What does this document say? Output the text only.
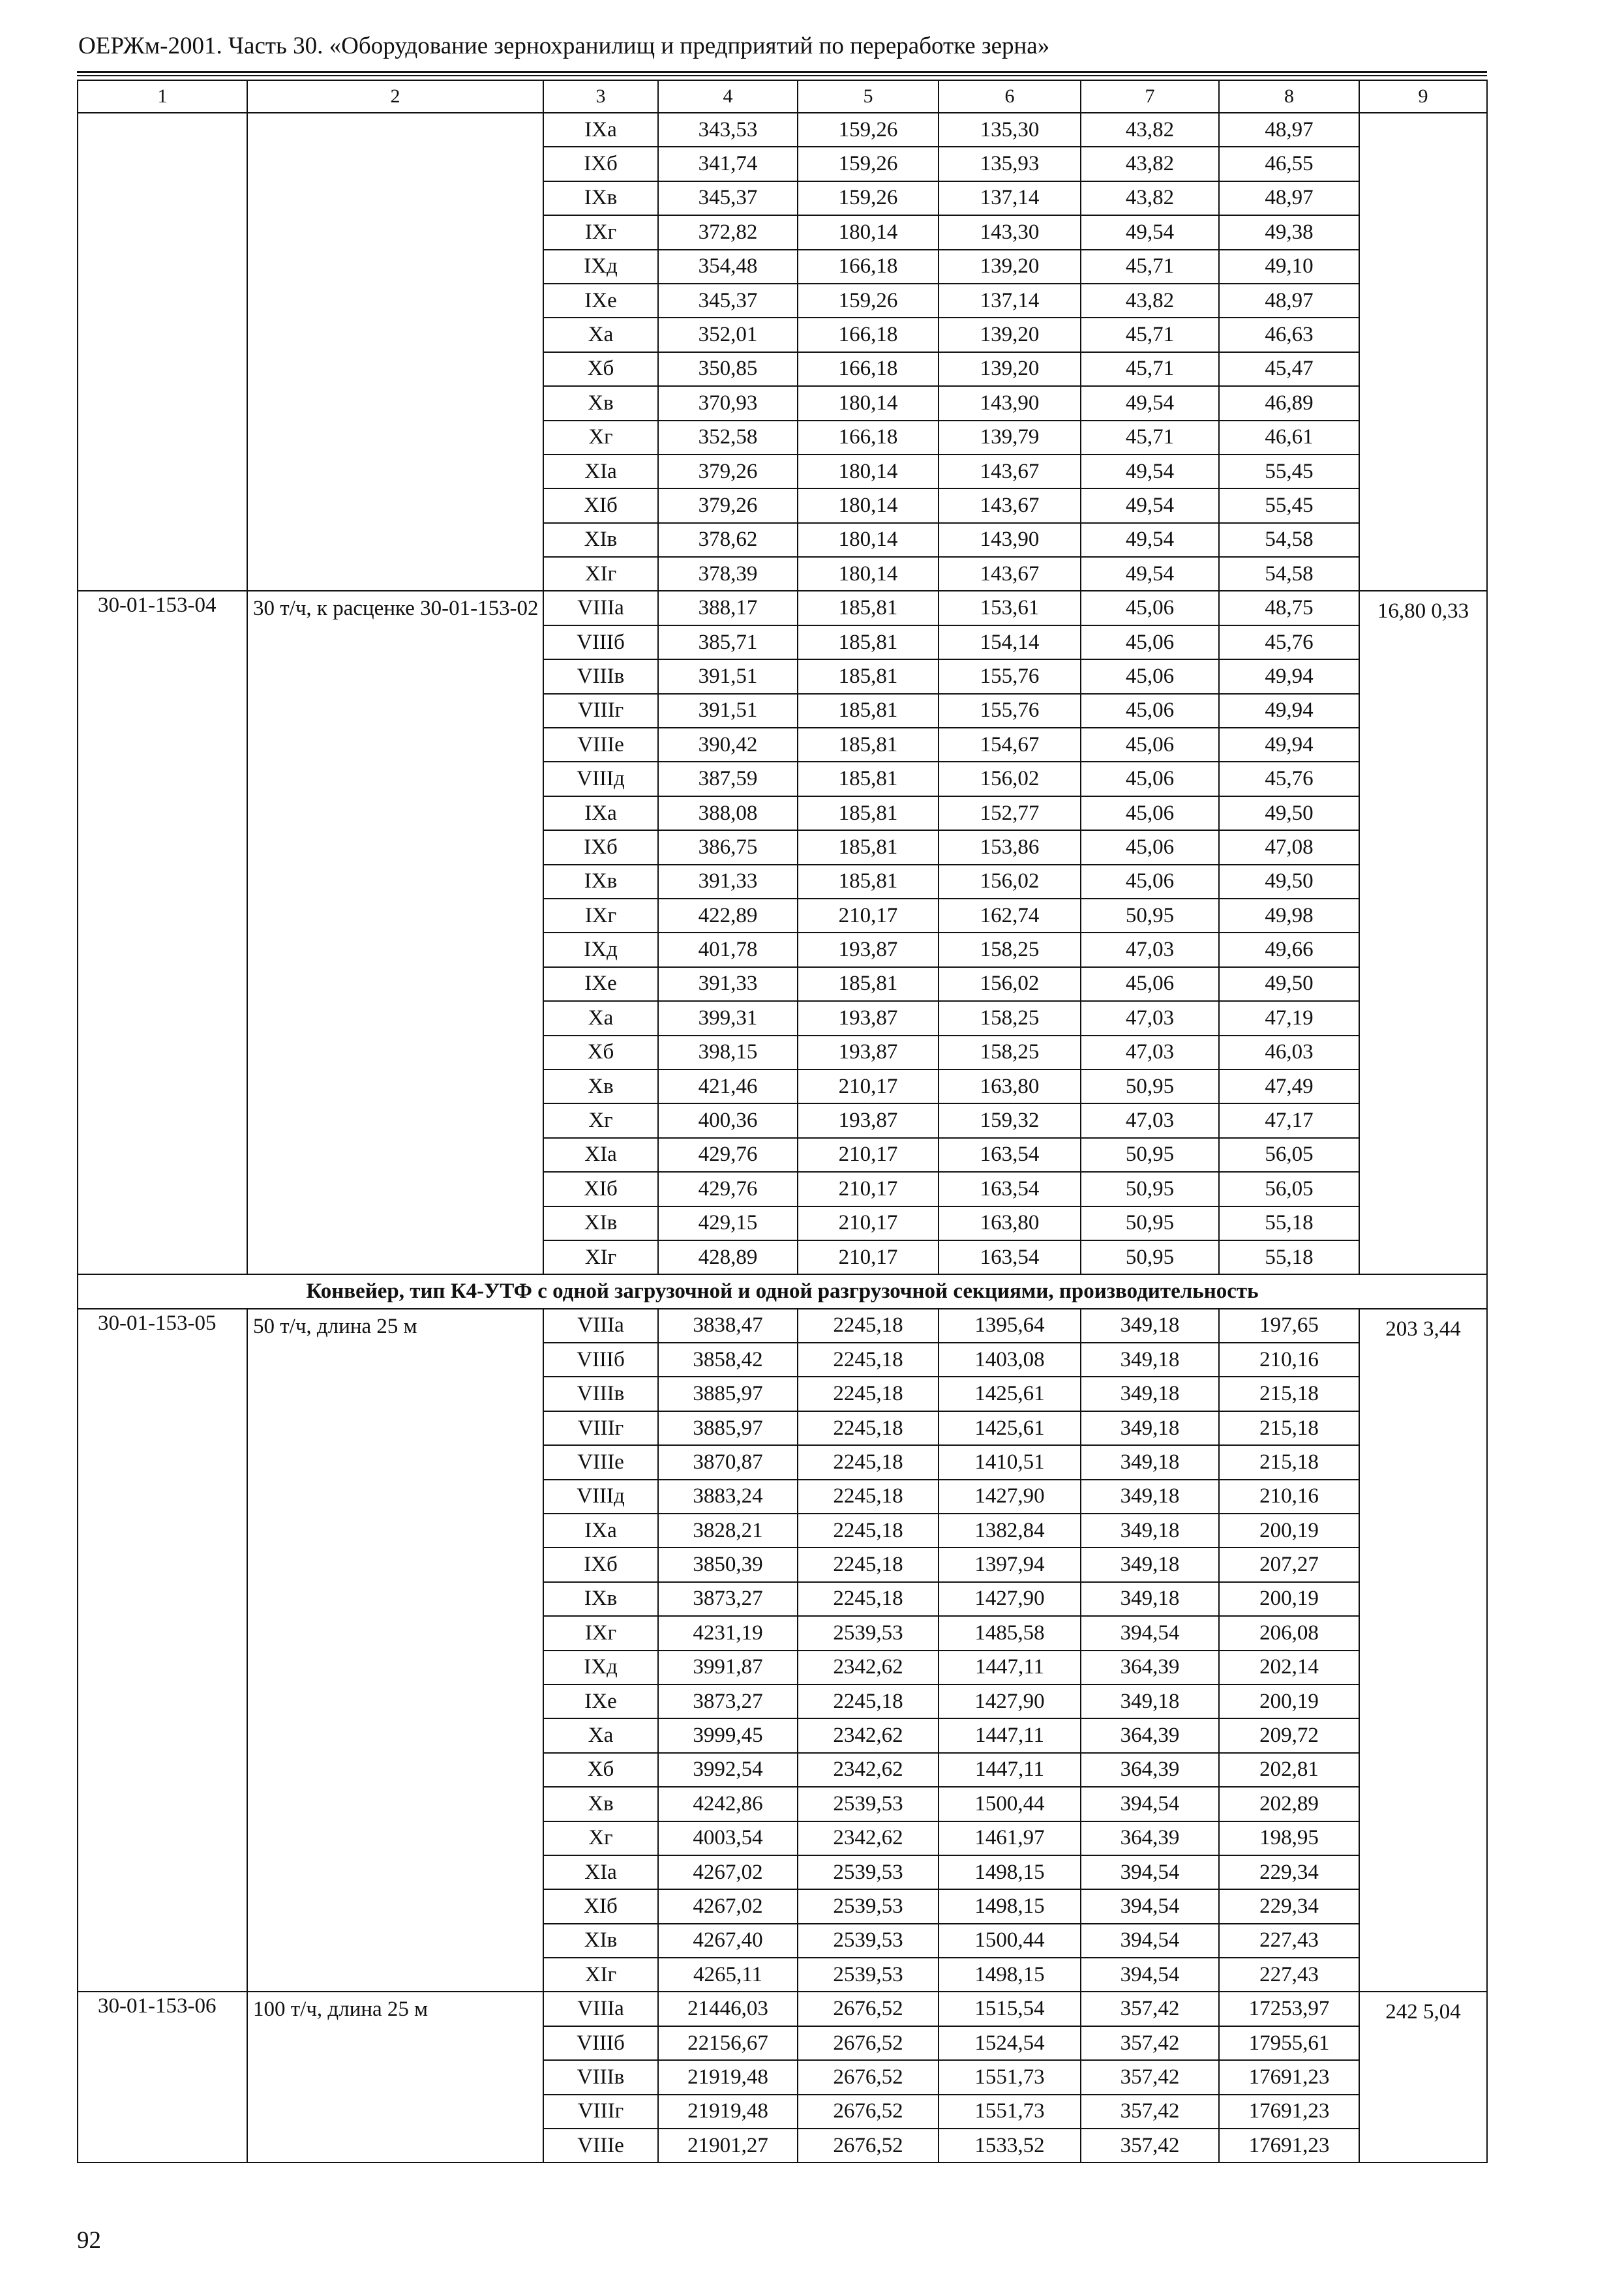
ОЕРЖм-2001. Часть 30. «Оборудование зернохранилищ и предприятий по переработке зерна»
1	2	3	4	5	6	7	8	9
		IXа	343,53	159,26	135,30	43,82	48,97	
		IXб	341,74	159,26	135,93	43,82	46,55	
		IXв	345,37	159,26	137,14	43,82	48,97	
		IXг	372,82	180,14	143,30	49,54	49,38	
		IXд	354,48	166,18	139,20	45,71	49,10	
		IXе	345,37	159,26	137,14	43,82	48,97	
		Xа	352,01	166,18	139,20	45,71	46,63	
		Xб	350,85	166,18	139,20	45,71	45,47	
		Xв	370,93	180,14	143,90	49,54	46,89	
		Xг	352,58	166,18	139,79	45,71	46,61	
		XIа	379,26	180,14	143,67	49,54	55,45	
		XIб	379,26	180,14	143,67	49,54	55,45	
		XIв	378,62	180,14	143,90	49,54	54,58	
		XIг	378,39	180,14	143,67	49,54	54,58	
30-01-153-04	30 т/ч, к расценке 30-01-153-02	VIIIа	388,17	185,81	153,61	45,06	48,75	16,80 0,33
		VIIIб	385,71	185,81	154,14	45,06	45,76	
		VIIIв	391,51	185,81	155,76	45,06	49,94	
		VIIIг	391,51	185,81	155,76	45,06	49,94	
		VIIIе	390,42	185,81	154,67	45,06	49,94	
		VIIIд	387,59	185,81	156,02	45,06	45,76	
		IXа	388,08	185,81	152,77	45,06	49,50	
		IXб	386,75	185,81	153,86	45,06	47,08	
		IXв	391,33	185,81	156,02	45,06	49,50	
		IXг	422,89	210,17	162,74	50,95	49,98	
		IXд	401,78	193,87	158,25	47,03	49,66	
		IXе	391,33	185,81	156,02	45,06	49,50	
		Xа	399,31	193,87	158,25	47,03	47,19	
		Xб	398,15	193,87	158,25	47,03	46,03	
		Xв	421,46	210,17	163,80	50,95	47,49	
		Xг	400,36	193,87	159,32	47,03	47,17	
		XIа	429,76	210,17	163,54	50,95	56,05	
		XIб	429,76	210,17	163,54	50,95	56,05	
		XIв	429,15	210,17	163,80	50,95	55,18	
		XIг	428,89	210,17	163,54	50,95	55,18	
Конвейер, тип К4-УТФ с одной загрузочной и одной разгрузочной секциями, производительность								
30-01-153-05	50 т/ч, длина 25 м	VIIIа	3838,47	2245,18	1395,64	349,18	197,65	203 3,44
		VIIIб	3858,42	2245,18	1403,08	349,18	210,16	
		VIIIв	3885,97	2245,18	1425,61	349,18	215,18	
		VIIIг	3885,97	2245,18	1425,61	349,18	215,18	
		VIIIе	3870,87	2245,18	1410,51	349,18	215,18	
		VIIIд	3883,24	2245,18	1427,90	349,18	210,16	
		IXа	3828,21	2245,18	1382,84	349,18	200,19	
		IXб	3850,39	2245,18	1397,94	349,18	207,27	
		IXв	3873,27	2245,18	1427,90	349,18	200,19	
		IXг	4231,19	2539,53	1485,58	394,54	206,08	
		IXд	3991,87	2342,62	1447,11	364,39	202,14	
		IXе	3873,27	2245,18	1427,90	349,18	200,19	
		Xа	3999,45	2342,62	1447,11	364,39	209,72	
		Xб	3992,54	2342,62	1447,11	364,39	202,81	
		Xв	4242,86	2539,53	1500,44	394,54	202,89	
		Xг	4003,54	2342,62	1461,97	364,39	198,95	
		XIа	4267,02	2539,53	1498,15	394,54	229,34	
		XIб	4267,02	2539,53	1498,15	394,54	229,34	
		XIв	4267,40	2539,53	1500,44	394,54	227,43	
		XIг	4265,11	2539,53	1498,15	394,54	227,43	
30-01-153-06	100 т/ч, длина 25 м	VIIIа	21446,03	2676,52	1515,54	357,42	17253,97	242 5,04
		VIIIб	22156,67	2676,52	1524,54	357,42	17955,61	
		VIIIв	21919,48	2676,52	1551,73	357,42	17691,23	
		VIIIг	21919,48	2676,52	1551,73	357,42	17691,23	
		VIIIе	21901,27	2676,52	1533,52	357,42	17691,23	
92
